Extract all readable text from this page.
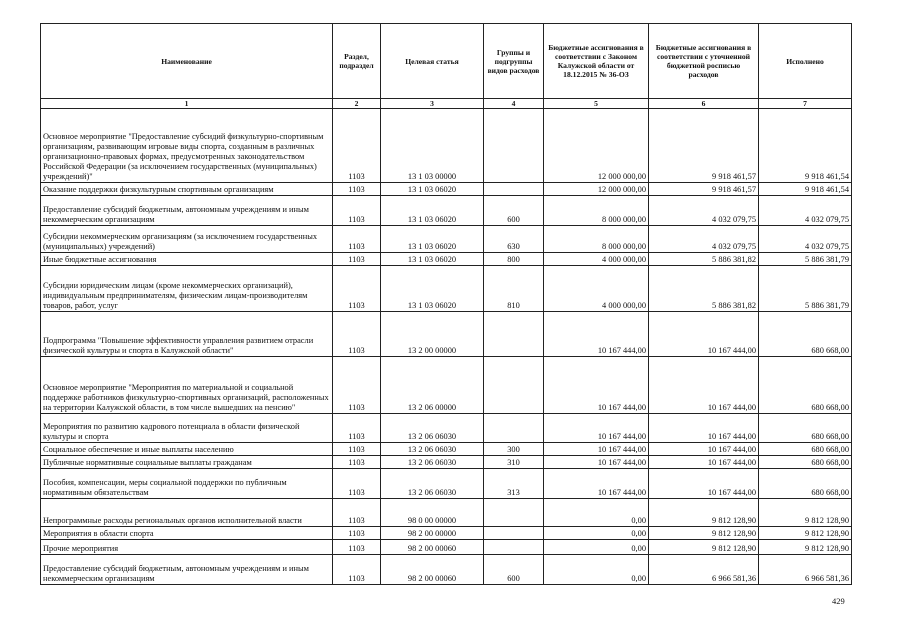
Наименование	Раздел, подраздел	Целевая статья	Группы и подгруппы видов расходов	Бюджетные ассигнования в соответствии с Законом Калужской области от 18.12.2015 № 36-ОЗ	Бюджетные ассигнования в соответствии с уточненной бюджетной росписью расходов	Исполнено
1	2	3	4	5	6	7
Основное мероприятие "Предоставление субсидий физкультурно-спортивным организациям, развивающим игровые виды спорта, созданным в различных организационно-правовых формах, предусмотренных законодательством Российской Федерации (за исключением государственных (муниципальных) учреждений)"	1103	13 1 03 00000		12 000 000,00	9 918 461,57	9 918 461,54
Оказание поддержки физкультурным спортивным организациям	1103	13 1 03 06020		12 000 000,00	9 918 461,57	9 918 461,54
Предоставление субсидий бюджетным, автономным учреждениям и иным некоммерческим организациям	1103	13 1 03 06020	600	8 000 000,00	4 032 079,75	4 032 079,75
Субсидии некоммерческим организациям (за исключением государственных (муниципальных) учреждений)	1103	13 1 03 06020	630	8 000 000,00	4 032 079,75	4 032 079,75
Иные бюджетные ассигнования	1103	13 1 03 06020	800	4 000 000,00	5 886 381,82	5 886 381,79
Субсидии юридическим лицам (кроме некоммерческих организаций), индивидуальным предпринимателям, физическим лицам-производителям товаров, работ, услуг	1103	13 1 03 06020	810	4 000 000,00	5 886 381,82	5 886 381,79
Подпрограмма "Повышение эффективности управления развитием отрасли физической культуры и спорта в Калужской области"	1103	13 2 00 00000		10 167 444,00	10 167 444,00	680 668,00
Основное мероприятие "Мероприятия по материальной и социальной поддержке работников физкультурно-спортивных организаций, расположенных на территории Калужской области, в том числе вышедших на пенсию"	1103	13 2 06 00000		10 167 444,00	10 167 444,00	680 668,00
Мероприятия по развитию кадрового потенциала в области физической культуры и спорта	1103	13 2 06 06030		10 167 444,00	10 167 444,00	680 668,00
Социальное обеспечение и иные выплаты населению	1103	13 2 06 06030	300	10 167 444,00	10 167 444,00	680 668,00
Публичные нормативные социальные выплаты гражданам	1103	13 2 06 06030	310	10 167 444,00	10 167 444,00	680 668,00
Пособия, компенсации, меры социальной поддержки по публичным нормативным обязательствам	1103	13 2 06 06030	313	10 167 444,00	10 167 444,00	680 668,00
Непрограммные расходы региональных органов исполнительной власти	1103	98 0 00 00000		0,00	9 812 128,90	9 812 128,90
Мероприятия в области спорта	1103	98 2 00 00000		0,00	9 812 128,90	9 812 128,90
Прочие мероприятия	1103	98 2 00 00060		0,00	9 812 128,90	9 812 128,90
Предоставление субсидий бюджетным, автономным учреждениям и иным некоммерческим организациям	1103	98 2 00 00060	600	0,00	6 966 581,36	6 966 581,36
429
